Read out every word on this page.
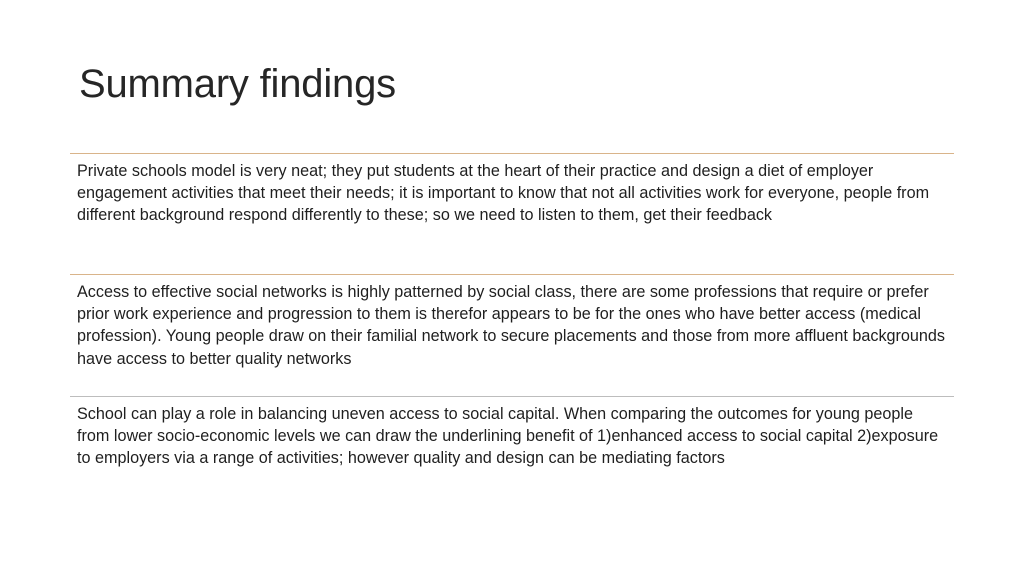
Summary findings
Private schools model is very neat; they put students at the heart of their practice and design a diet of employer engagement activities that meet their needs; it is important to know that not all activities work for everyone, people from different background respond differently to these; so we need to listen to them, get their feedback
Access to effective social networks is highly patterned by social class, there are some professions that require or prefer prior work experience and progression to them is therefor appears to be for the ones who have better access (medical profession). Young people draw on their familial network to secure placements and those from more affluent backgrounds have access to better quality networks
School can play a role in balancing uneven access to social capital. When comparing the outcomes for young people from lower socio-economic levels we can draw the underlining benefit of 1)enhanced access to social capital 2)exposure to employers via a range of activities; however quality and design can be mediating factors
